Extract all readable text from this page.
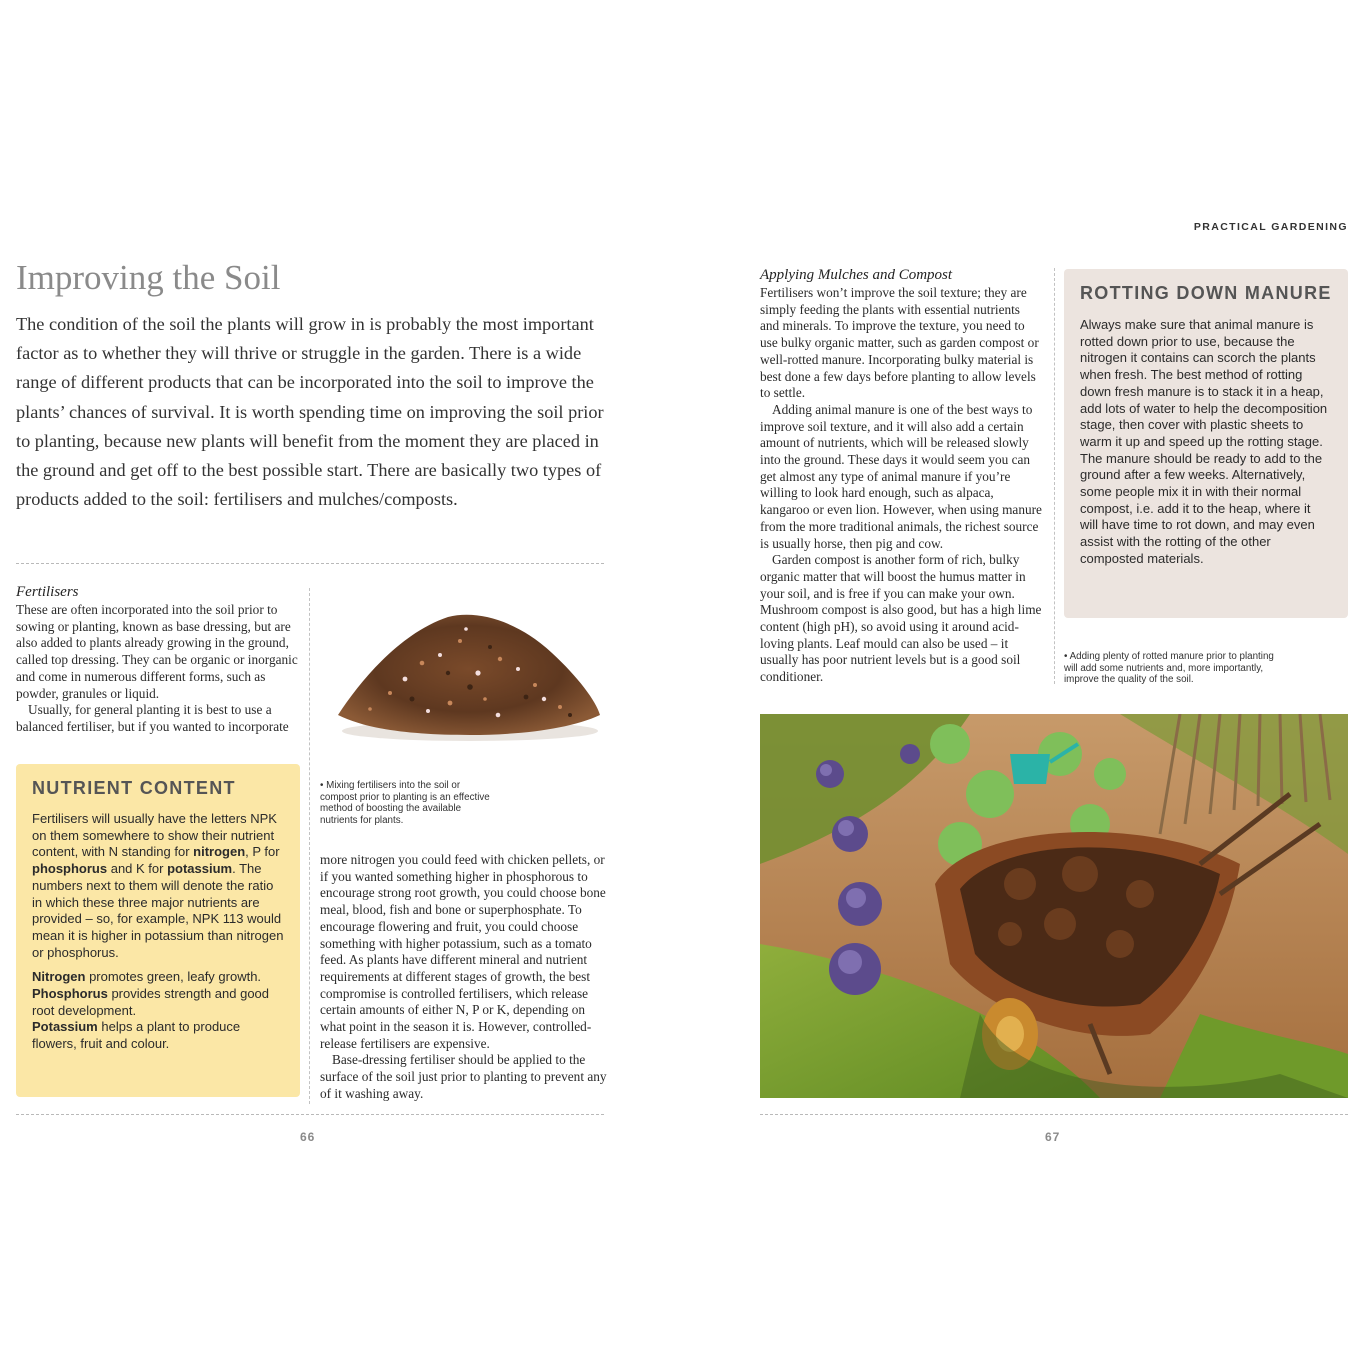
PRACTICAL GARDENING
Improving the Soil

The condition of the soil the plants will grow in is probably the most important factor as to whether they will thrive or struggle in the garden. There is a wide range of different products that can be incorporated into the soil to improve the plants’ chances of survival. It is worth spending time on improving the soil prior to planting, because new plants will benefit from the moment they are placed in the ground and get off to the best possible start. There are basically two types of products added to the soil: fertilisers and mulches/composts.

Fertilisers

These are often incorporated into the soil prior to sowing or planting, known as base dressing, but are also added to plants already growing in the ground, called top dressing. They can be organic or inorganic and come in numerous different forms, such as powder, granules or liquid.

Usually, for general planting it is best to use a balanced fertiliser, but if you wanted to incorporate

• Mixing fertilisers into the soil or compost prior to planting is an effective method of boosting the available nutrients for plants.
NUTRIENT CONTENT

Fertilisers will usually have the letters NPK on them somewhere to show their nutrient content, with N standing for nitrogen, P for phosphorus and K for potassium. The numbers next to them will denote the ratio in which these three major nutrients are provided – so, for example, NPK 113 would mean it is higher in potassium than nitrogen or phosphorus.

Nitrogen promotes green, leafy growth.

Phosphorus provides strength and good root development.

Potassium helps a plant to produce flowers, fruit and colour.

more nitrogen you could feed with chicken pellets, or if you wanted something higher in phosphorous to encourage strong root growth, you could choose bone meal, blood, fish and bone or superphosphate. To encourage flowering and fruit, you could choose something with higher potassium, such as a tomato feed. As plants have different mineral and nutrient requirements at different stages of growth, the best compromise is controlled fertilisers, which release certain amounts of either N, P or K, depending on what point in the season it is. However, controlled-release fertilisers are expensive.

Base-dressing fertiliser should be applied to the surface of the soil just prior to planting to prevent any of it washing away.

66
Applying Mulches and Compost

Fertilisers won’t improve the soil texture; they are simply feeding the plants with essential nutrients and minerals. To improve the texture, you need to use bulky organic matter, such as garden compost or well-rotted manure. Incorporating bulky material is best done a few days before planting to allow levels to settle.

Adding animal manure is one of the best ways to improve soil texture, and it will also add a certain amount of nutrients, which will be released slowly into the ground. These days it would seem you can get almost any type of animal manure if you’re willing to look hard enough, such as alpaca, kangaroo or even lion. However, when using manure from the more traditional animals, the richest source is usually horse, then pig and cow.

Garden compost is another form of rich, bulky organic matter that will boost the humus matter in your soil, and is free if you can make your own. Mushroom compost is also good, but has a high lime content (high pH), so avoid using it around acid-loving plants. Leaf mould can also be used – it usually has poor nutrient levels but is a good soil conditioner.

ROTTING DOWN MANURE
Always make sure that animal manure is rotted down prior to use, because the nitrogen it contains can scorch the plants when fresh. The best method of rotting down fresh manure is to stack it in a heap, add lots of water to help the decomposition stage, then cover with plastic sheets to warm it up and speed up the rotting stage. The manure should be ready to add to the ground after a few weeks. Alternatively, some people mix it in with their normal compost, i.e. add it to the heap, where it will have time to rot down, and may even assist with the rotting of the other composted materials.
• Adding plenty of rotted manure prior to planting will add some nutrients and, more importantly, improve the quality of the soil.
67
